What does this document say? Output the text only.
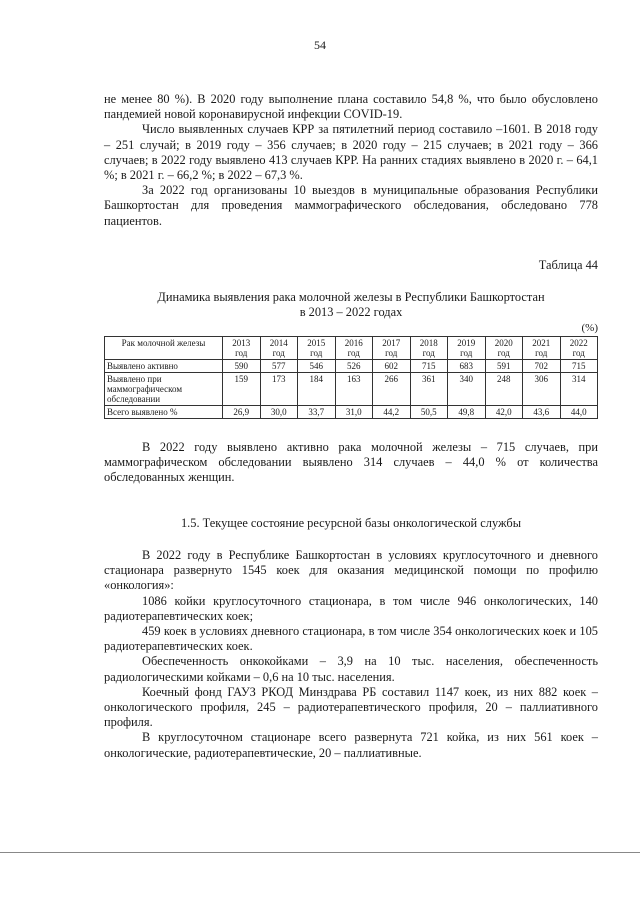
54

не менее 80 %). В 2020 году выполнение плана составило 54,8 %, что было обусловлено пандемией новой коронавирусной инфекции COVID-19.

Число выявленных случаев КРР за пятилетний период составило –1601. В 2018 году – 251 случай; в 2019 году – 356 случаев; в 2020 году – 215 случаев; в 2021 году – 366 случаев; в 2022 году выявлено 413 случаев КРР. На ранних стадиях выявлено в 2020 г. – 64,1 %; в 2021 г. – 66,2 %; в 2022 – 67,3 %.

За 2022 год организованы 10 выездов в муниципальные образования Республики Башкортостан для проведения маммографического обследования, обследовано 778 пациентов.

Таблица 44
Динамика выявления рака молочной железы в Республики Башкортостан
в 2013 – 2022 годах
(%)
Рак молочной железы	2013 год	2014 год	2015 год	2016 год	2017 год	2018 год	2019 год	2020 год	2021 год	2022 год
Выявлено активно	590	577	546	526	602	715	683	591	702	715
Выявлено при маммографическом обследовании	159	173	184	163	266	361	340	248	306	314
Всего выявлено %	26,9	30,0	33,7	31,0	44,2	50,5	49,8	42,0	43,6	44,0

В 2022 году выявлено активно рака молочной железы – 715 случаев, при маммографическом обследовании выявлено 314 случаев – 44,0 % от количества обследованных женщин.

1.5. Текущее состояние ресурсной базы онкологической службы

В 2022 году в Республике Башкортостан в условиях круглосуточного и дневного стационара развернуто 1545 коек для оказания медицинской помощи по профилю «онкология»:

1086 койки круглосуточного стационара, в том числе 946 онкологических, 140 радиотерапевтических коек;

459 коек в условиях дневного стационара, в том числе 354 онкологических коек и 105 радиотерапевтических коек.

Обеспеченность онкокойками – 3,9 на 10 тыс. населения, обеспеченность радиологическими койками – 0,6 на 10 тыс. населения.

Коечный фонд ГАУЗ РКОД Минздрава РБ составил 1147 коек, из них 882 коек – онкологического профиля, 245 – радиотерапевтического профиля, 20 – паллиативного профиля.

В круглосуточном стационаре всего развернута 721 койка, из них 561 коек – онкологические, радиотерапевтические, 20 – паллиативные.
